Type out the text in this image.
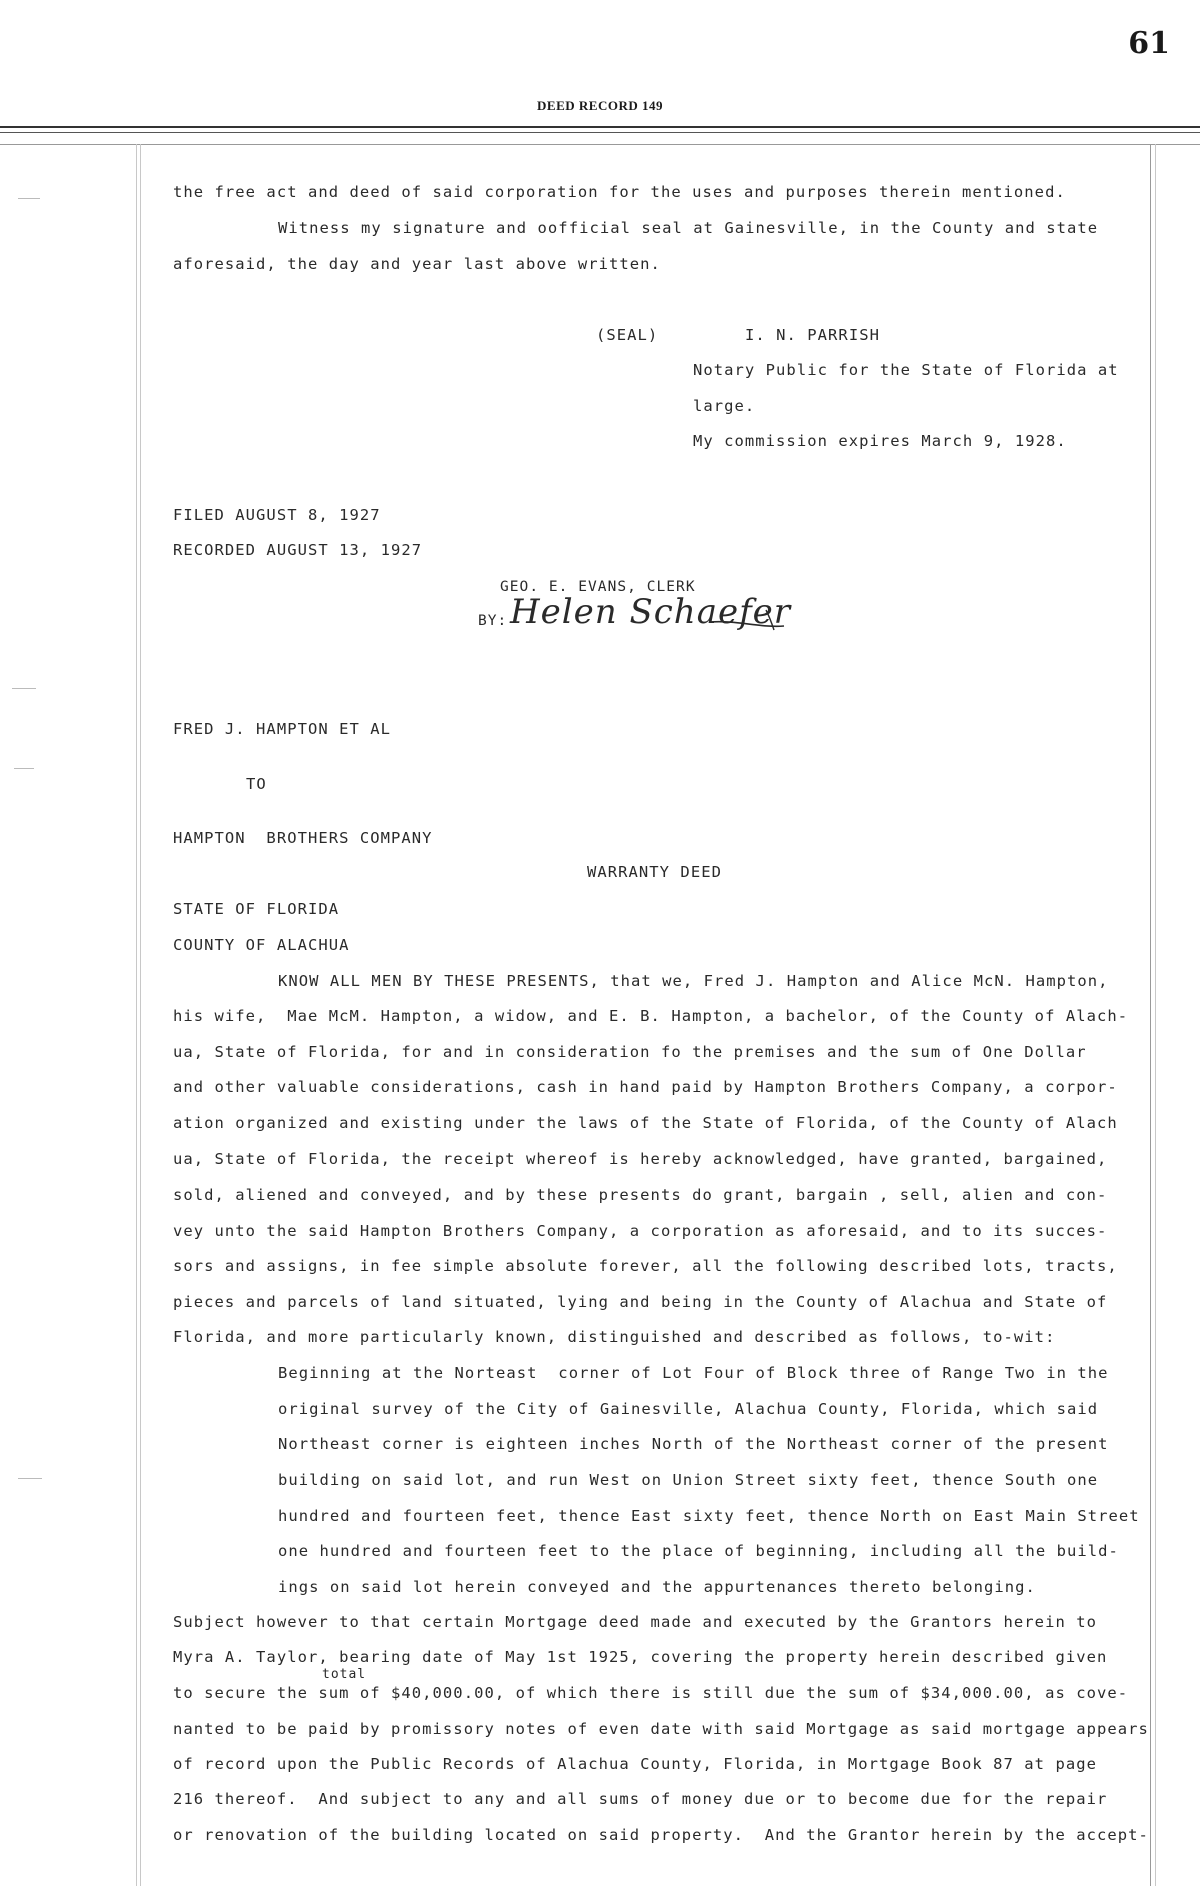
61
DEED RECORD 149
the free act and deed of said corporation for the uses and purposes therein mentioned.
Witness my signature and oofficial seal at Gainesville, in the County and state
aforesaid, the day and year last above written.
(SEAL)	I. N. PARRISH
Notary Public for the State of Florida at
large.
My commission expires March 9, 1928.
FILED AUGUST 8, 1927
RECORDED AUGUST 13, 1927
GEO. E. EVANS, CLERK
BY: Helen Schaefer
FRED J. HAMPTON ET AL
TO
HAMPTON  BROTHERS COMPANY
WARRANTY DEED
STATE OF FLORIDA
COUNTY OF ALACHUA
KNOW ALL MEN BY THESE PRESENTS, that we, Fred J. Hampton and Alice McN. Hampton,
his wife,  Mae McM. Hampton, a widow, and E. B. Hampton, a bachelor, of the County of Alach-
ua, State of Florida, for and in consideration fo the premises and the sum of One Dollar
and other valuable considerations, cash in hand paid by Hampton Brothers Company, a corpor-
ation organized and existing under the laws of the State of Florida, of the County of Alach
ua, State of Florida, the receipt whereof is hereby acknowledged, have granted, bargained,
sold, aliened and conveyed, and by these presents do grant, bargain , sell, alien and con-
vey unto the said Hampton Brothers Company, a corporation as aforesaid, and to its succes-
sors and assigns, in fee simple absolute forever, all the following described lots, tracts,
pieces and parcels of land situated, lying and being in the County of Alachua and State of
Florida, and more particularly known, distinguished and described as follows, to-wit:
Beginning at the Norteast  corner of Lot Four of Block three of Range Two in the
original survey of the City of Gainesville, Alachua County, Florida, which said
Northeast corner is eighteen inches North of the Northeast corner of the present
building on said lot, and run West on Union Street sixty feet, thence South one
hundred and fourteen feet, thence East sixty feet, thence North on East Main Street
one hundred and fourteen feet to the place of beginning, including all the build-
ings on said lot herein conveyed and the appurtenances thereto belonging.
Subject however to that certain Mortgage deed made and executed by the Grantors herein to
Myra A. Taylor, bearing date of May 1st 1925, covering the property herein described given
total
to secure the sum of $40,000.00, of which there is still due the sum of $34,000.00, as cove-
nanted to be paid by promissory notes of even date with said Mortgage as said mortgage appears
of record upon the Public Records of Alachua County, Florida, in Mortgage Book 87 at page
216 thereof.  And subject to any and all sums of money due or to become due for the repair
or renovation of the building located on said property.  And the Grantor herein by the accept-
